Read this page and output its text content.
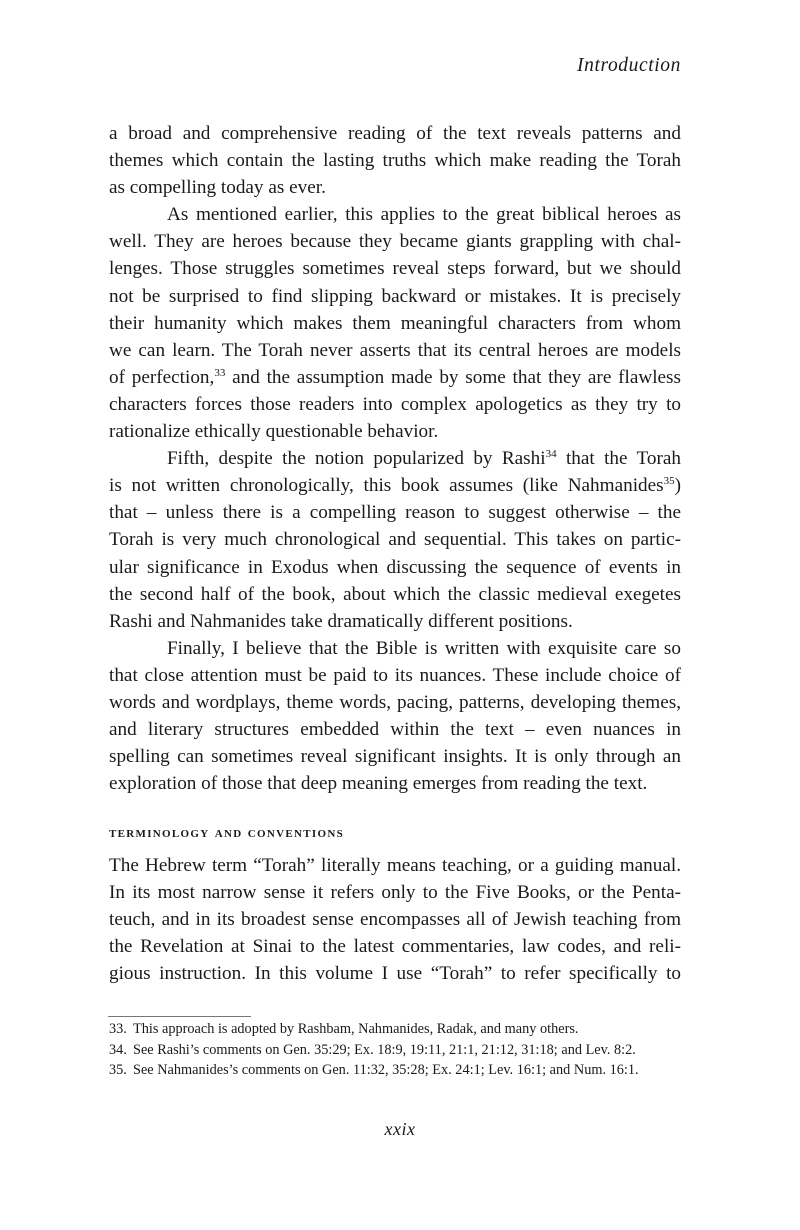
Introduction
a broad and comprehensive reading of the text reveals patterns and
themes which contain the lasting truths which make reading the Torah
as compelling today as ever.
As mentioned earlier, this applies to the great biblical heroes as
well. They are heroes because they became giants grappling with chal-
lenges. Those struggles sometimes reveal steps forward, but we should
not be surprised to find slipping backward or mistakes. It is precisely
their humanity which makes them meaningful characters from whom
we can learn. The Torah never asserts that its central heroes are models
of perfection,$^{33}$ and the assumption made by some that they are flawless
characters forces those readers into complex apologetics as they try to
rationalize ethically questionable behavior.
Fifth, despite the notion popularized by Rashi$^{34}$ that the Torah
is not written chronologically, this book assumes (like Nahmanides$^{35}$)
that – unless there is a compelling reason to suggest otherwise – the
Torah is very much chronological and sequential. This takes on partic-
ular significance in Exodus when discussing the sequence of events in
the second half of the book, about which the classic medieval exegetes
Rashi and Nahmanides take dramatically different positions.
Finally, I believe that the Bible is written with exquisite care so
that close attention must be paid to its nuances. These include choice of
words and wordplays, theme words, pacing, patterns, developing themes,
and literary structures embedded within the text – even nuances in
spelling can sometimes reveal significant insights. It is only through an
exploration of those that deep meaning emerges from reading the text.
terminology and conventions
The Hebrew term “Torah” literally means teaching, or a guiding manual.
In its most narrow sense it refers only to the Five Books, or the Penta-
teuch, and in its broadest sense encompasses all of Jewish teaching from
the Revelation at Sinai to the latest commentaries, law codes, and reli-
gious instruction. In this volume I use “Torah” to refer specifically to
33. This approach is adopted by Rashbam, Nahmanides, Radak, and many others.
34. See Rashi’s comments on Gen. 35:29; Ex. 18:9, 19:11, 21:1, 21:12, 31:18; and Lev. 8:2.
35. See Nahmanides’s comments on Gen. 11:32, 35:28; Ex. 24:1; Lev. 16:1; and Num. 16:1.
xxix
